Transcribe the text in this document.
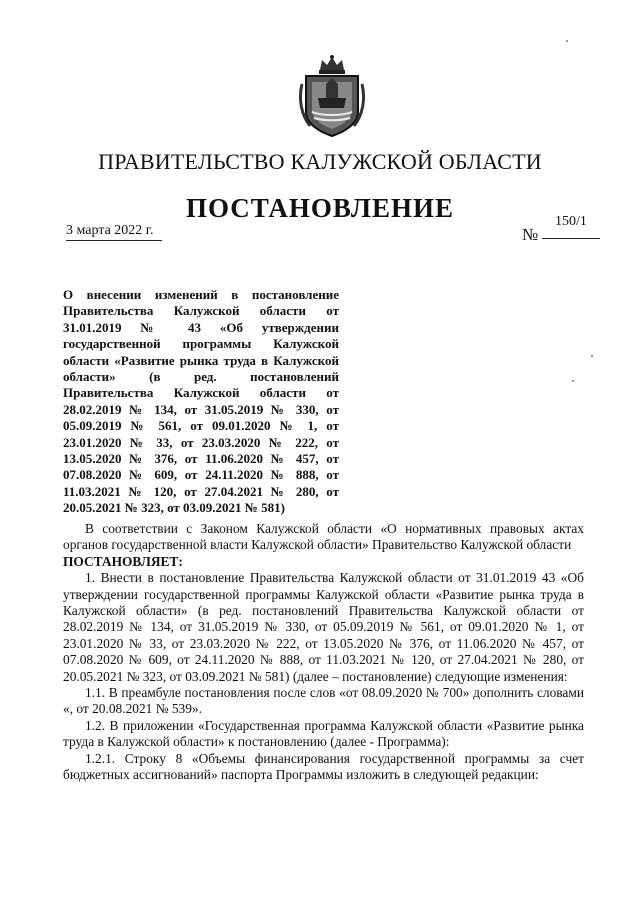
ПРАВИТЕЛЬСТВО КАЛУЖСКОЙ ОБЛАСТИ
ПОСТАНОВЛЕНИЕ
3 марта 2022 г.	№
150/1

О внесении изменений в постановление Правительства Калужской области от 31.01.2019 № 43 «Об утверждении государственной программы Калужской области «Развитие рынка труда в Калужской области» (в ред. постановлений Правительства Калужской области от 28.02.2019 № 134, от 31.05.2019 № 330, от 05.09.2019 № 561, от 09.01.2020 № 1, от 23.01.2020 № 33, от 23.03.2020 № 222, от 13.05.2020 № 376, от 11.06.2020 № 457, от 07.08.2020 № 609, от 24.11.2020 № 888, от 11.03.2021 № 120, от 27.04.2021 № 280, от 20.05.2021 № 323, от 03.09.2021 № 581)

В соответствии с Законом Калужской области «О нормативных правовых актах органов государственной власти Калужской области» Правительство Калужской области

ПОСТАНОВЛЯЕТ:

1. Внести в постановление Правительства Калужской области от 31.01.2019 43 «Об утверждении государственной программы Калужской области «Развитие рынка труда в Калужской области» (в ред. постановлений Правительства Калужской области от 28.02.2019 № 134, от 31.05.2019 № 330, от 05.09.2019 № 561, от 09.01.2020 № 1, от 23.01.2020 № 33, от 23.03.2020 № 222, от 13.05.2020 № 376, от 11.06.2020 № 457, от 07.08.2020 № 609, от 24.11.2020 № 888, от 11.03.2021 № 120, от 27.04.2021 № 280, от 20.05.2021 № 323, от 03.09.2021 № 581) (далее – постановление) следующие изменения:

1.1. В преамбуле постановления после слов «от 08.09.2020 № 700» дополнить словами «, от 20.08.2021 № 539».

1.2. В приложении «Государственная программа Калужской области «Развитие рынка труда в Калужской области» к постановлению (далее - Программа):

1.2.1. Строку 8 «Объемы финансирования государственной программы за счет бюджетных ассигнований» паспорта Программы изложить в следующей редакции:
